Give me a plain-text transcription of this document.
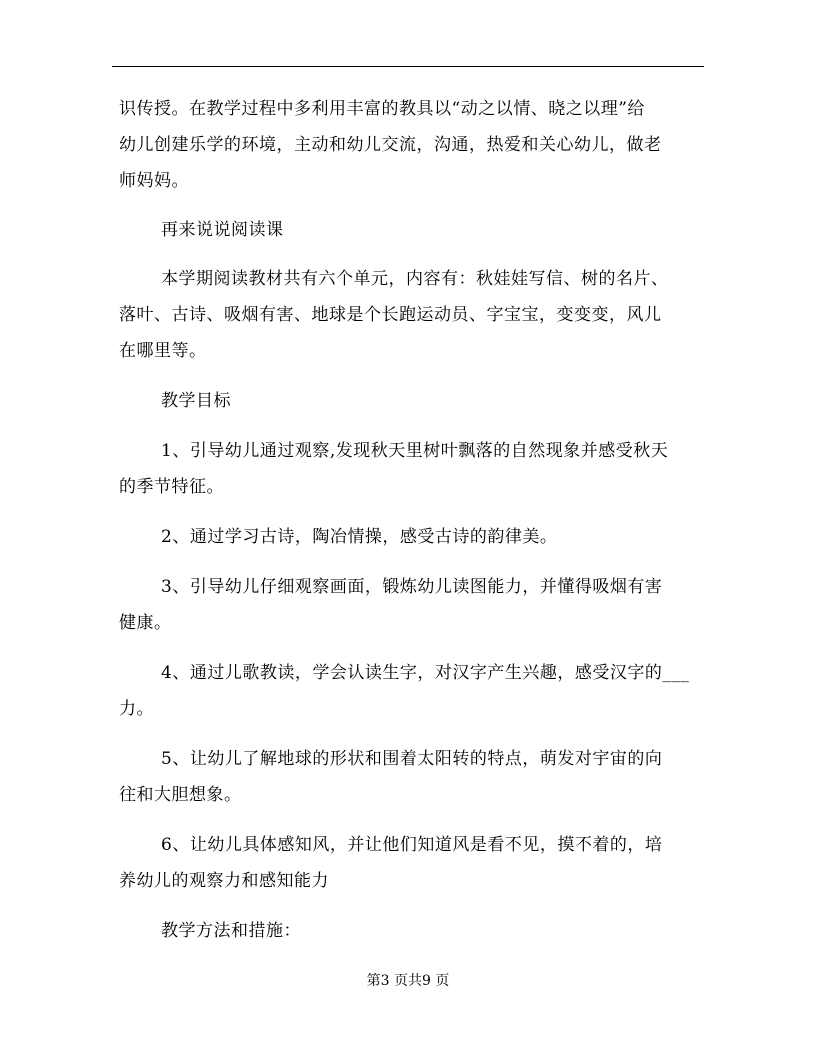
识传授。在教学过程中多利用丰富的教具以“动之以情、晓之以理”给
幼儿创建乐学的环境，主动和幼儿交流，沟通，热爱和关心幼儿，做老
师妈妈。
再来说说阅读课
本学期阅读教材共有六个单元，内容有：秋娃娃写信、树的名片、
落叶、古诗、吸烟有害、地球是个长跑运动员、字宝宝，变变变，风儿
在哪里等。
教学目标
1、引导幼儿通过观察,发现秋天里树叶飘落的自然现象并感受秋天
的季节特征。
2、通过学习古诗，陶冶情操，感受古诗的韵律美。
3、引导幼儿仔细观察画面，锻炼幼儿读图能力，并懂得吸烟有害
健康。
4、通过儿歌教读，学会认读生字，对汉字产生兴趣，感受汉字的___
力。
5、让幼儿了解地球的形状和围着太阳转的特点，萌发对宇宙的向
往和大胆想象。
6、让幼儿具体感知风，并让他们知道风是看不见，摸不着的，培
养幼儿的观察力和感知能力
教学方法和措施：
第3 页共9 页
